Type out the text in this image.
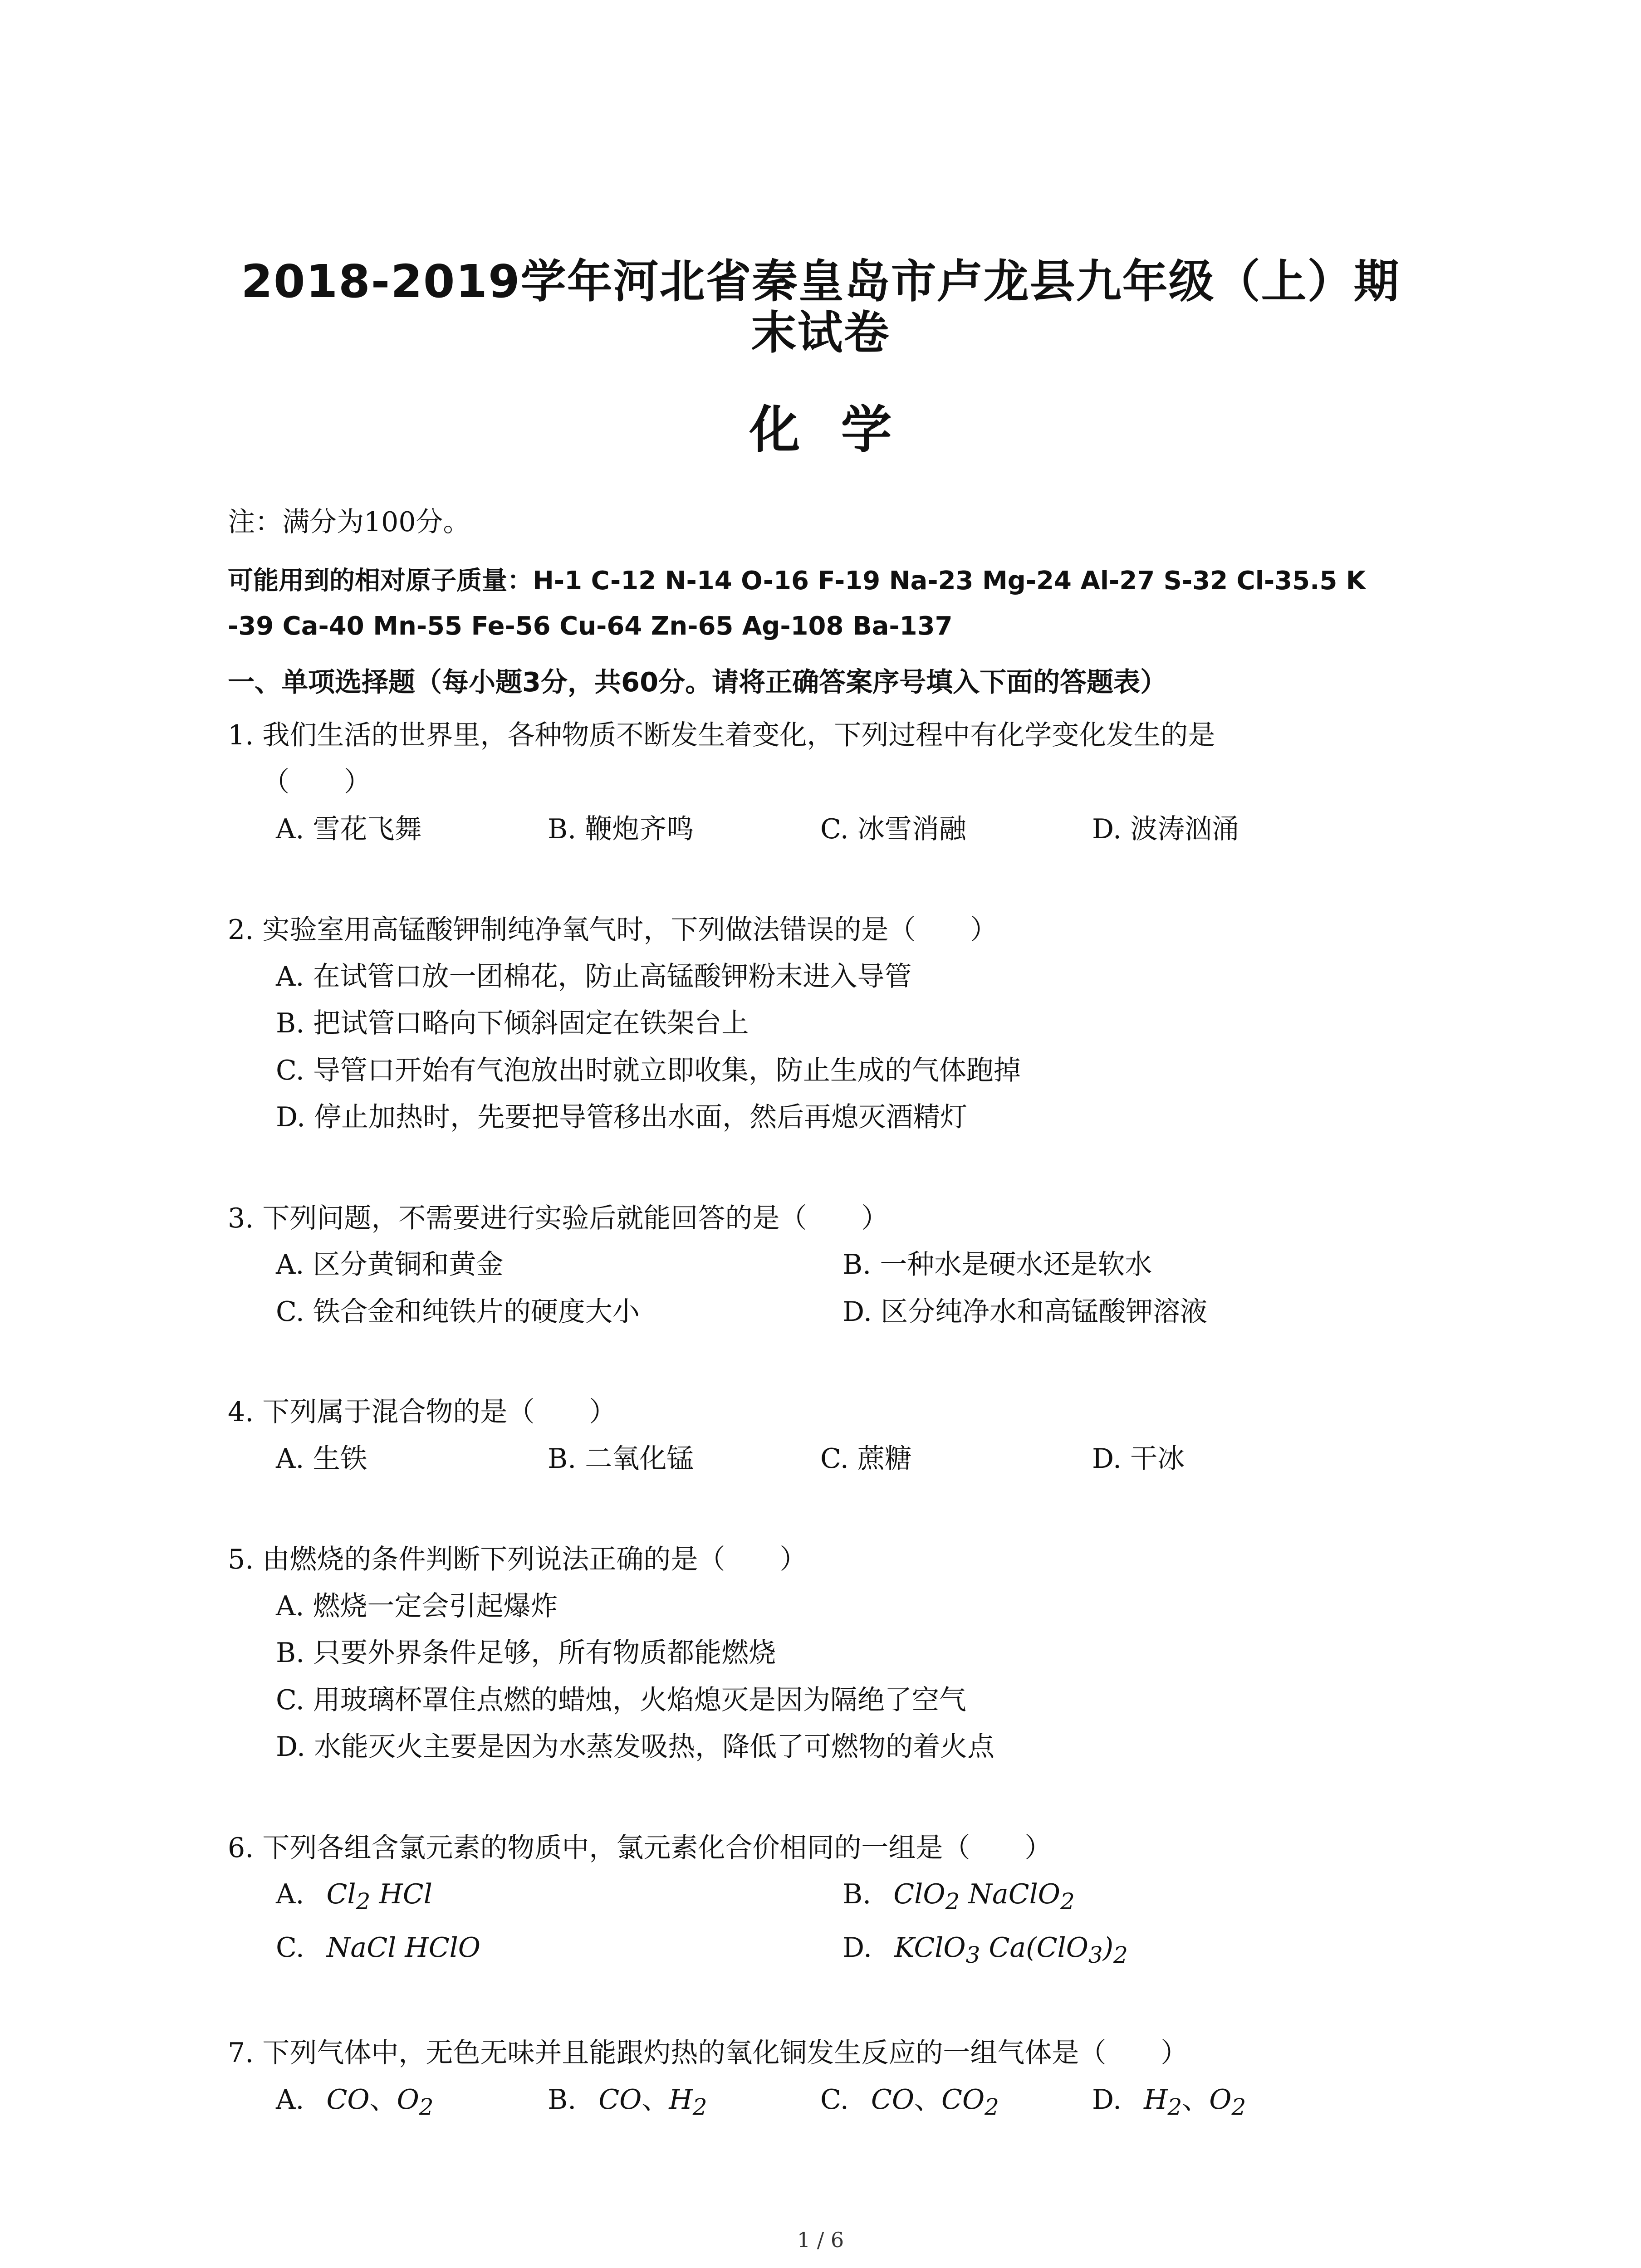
2018-2019学年河北省秦皇岛市卢龙县九年级（上）期
末试卷
化学
注：满分为100分。
可能用到的相对原子质量：H-1 C-12 N-14 O-16 F-19 Na-23 Mg-24 Al-27 S-32 Cl-35.5 K
-39 Ca-40 Mn-55 Fe-56 Cu-64 Zn-65 Ag-108 Ba-137
一、单项选择题（每小题3分，共60分。请将正确答案序号填入下面的答题表）
1. 我们生活的世界里，各种物质不断发生着变化，下列过程中有化学变化发生的是
（　　）
A. 雪花飞舞	B. 鞭炮齐鸣	C. 冰雪消融	D. 波涛汹涌
2. 实验室用高锰酸钾制纯净氧气时，下列做法错误的是（　　）
A. 在试管口放一团棉花，防止高锰酸钾粉末进入导管
B. 把试管口略向下倾斜固定在铁架台上
C. 导管口开始有气泡放出时就立即收集，防止生成的气体跑掉
D. 停止加热时，先要把导管移出水面，然后再熄灭酒精灯
3. 下列问题，不需要进行实验后就能回答的是（　　）
A. 区分黄铜和黄金	B. 一种水是硬水还是软水
C. 铁合金和纯铁片的硬度大小	D. 区分纯净水和高锰酸钾溶液
4. 下列属于混合物的是（　　）
A. 生铁	B. 二氧化锰	C. 蔗糖	D. 干冰
5. 由燃烧的条件判断下列说法正确的是（　　）
A. 燃烧一定会引起爆炸
B. 只要外界条件足够，所有物质都能燃烧
C. 用玻璃杯罩住点燃的蜡烛，火焰熄灭是因为隔绝了空气
D. 水能灭火主要是因为水蒸发吸热，降低了可燃物的着火点
6. 下列各组含氯元素的物质中，氯元素化合价相同的一组是（　　）
A. $Cl_2$ HCl	B. ClO$_2$ NaClO$_2$
C. NaCl HClO	D. KClO$_3$ $Ca(ClO_3)_2$
7. 下列气体中，无色无味并且能跟灼热的氧化铜发生反应的一组气体是（　　）
A. CO、$O_2$	B. CO、$H_2$	C. CO、$CO_2$	D. $H_2$、$O_2$
1 / 6
